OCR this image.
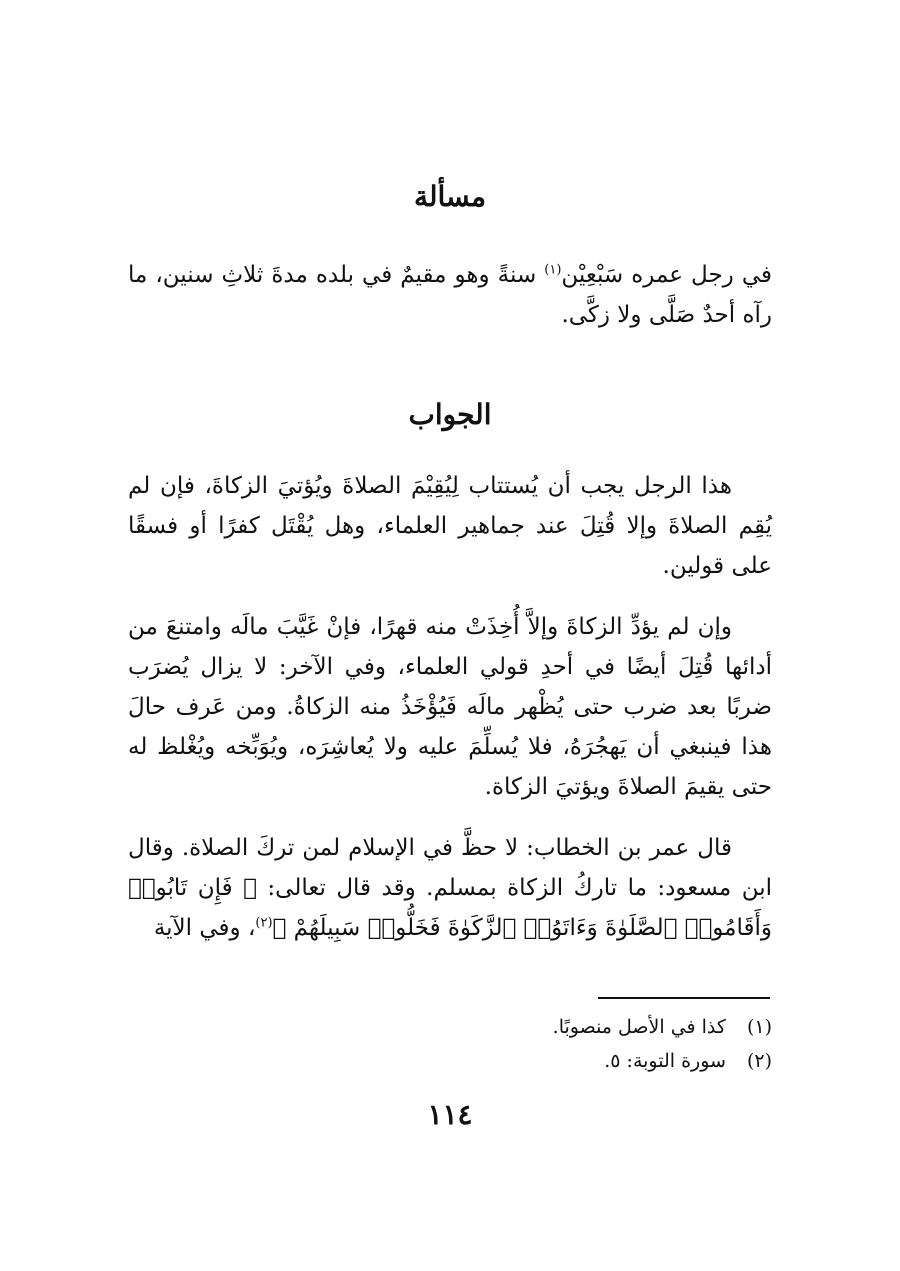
مسألة
في رجل عمره سَبْعِيْن$^{(١)}$ سنةً وهو مقيمٌ في بلده مدةَ ثلاثِ سنين، ما رآه أحدٌ صَلَّى ولا زكَّى.
الجواب
هذا الرجل يجب أن يُستتاب لِيُقِيْمَ الصلاةَ ويُؤتيَ الزكاةَ، فإن لم يُقِم الصلاةَ وإلا قُتِلَ عند جماهير العلماء، وهل يُقْتَل كفرًا أو فسقًا على قولين.
وإن لم يؤدِّ الزكاةَ وإلاَّ أُخِذَتْ منه قهرًا، فإنْ غَيَّبَ مالَه وامتنعَ من أدائها قُتِلَ أيضًا في أحدِ قولي العلماء، وفي الآخر: لا يزال يُضرَب ضربًا بعد ضرب حتى يُظْهر مالَه فَيُؤْخَذُ منه الزكاةُ. ومن عَرف حالَ هذا فينبغي أن يَهجُرَهُ، فلا يُسلِّمَ عليه ولا يُعاشِرَه، ويُوَبِّخه ويُغْلظ له حتى يقيمَ الصلاةَ ويؤتيَ الزكاة.
قال عمر بن الخطاب: لا حظَّ في الإسلام لمن تركَ الصلاة. وقال ابن مسعود: ما تاركُ الزكاة بمسلم. وقد قال تعالى: ﴿ فَإِن تَابُوا۟ وَأَقَامُوا۟ ٱلصَّلَوٰةَ وَءَاتَوُا۟ ٱلزَّكَوٰةَ فَخَلُّوا۟ سَبِيلَهُمْ ﴾$^{(٢)}$، وفي الآية
(١) كذا في الأصل منصوبًا.
(٢) سورة التوبة: ٥.
١١٤
